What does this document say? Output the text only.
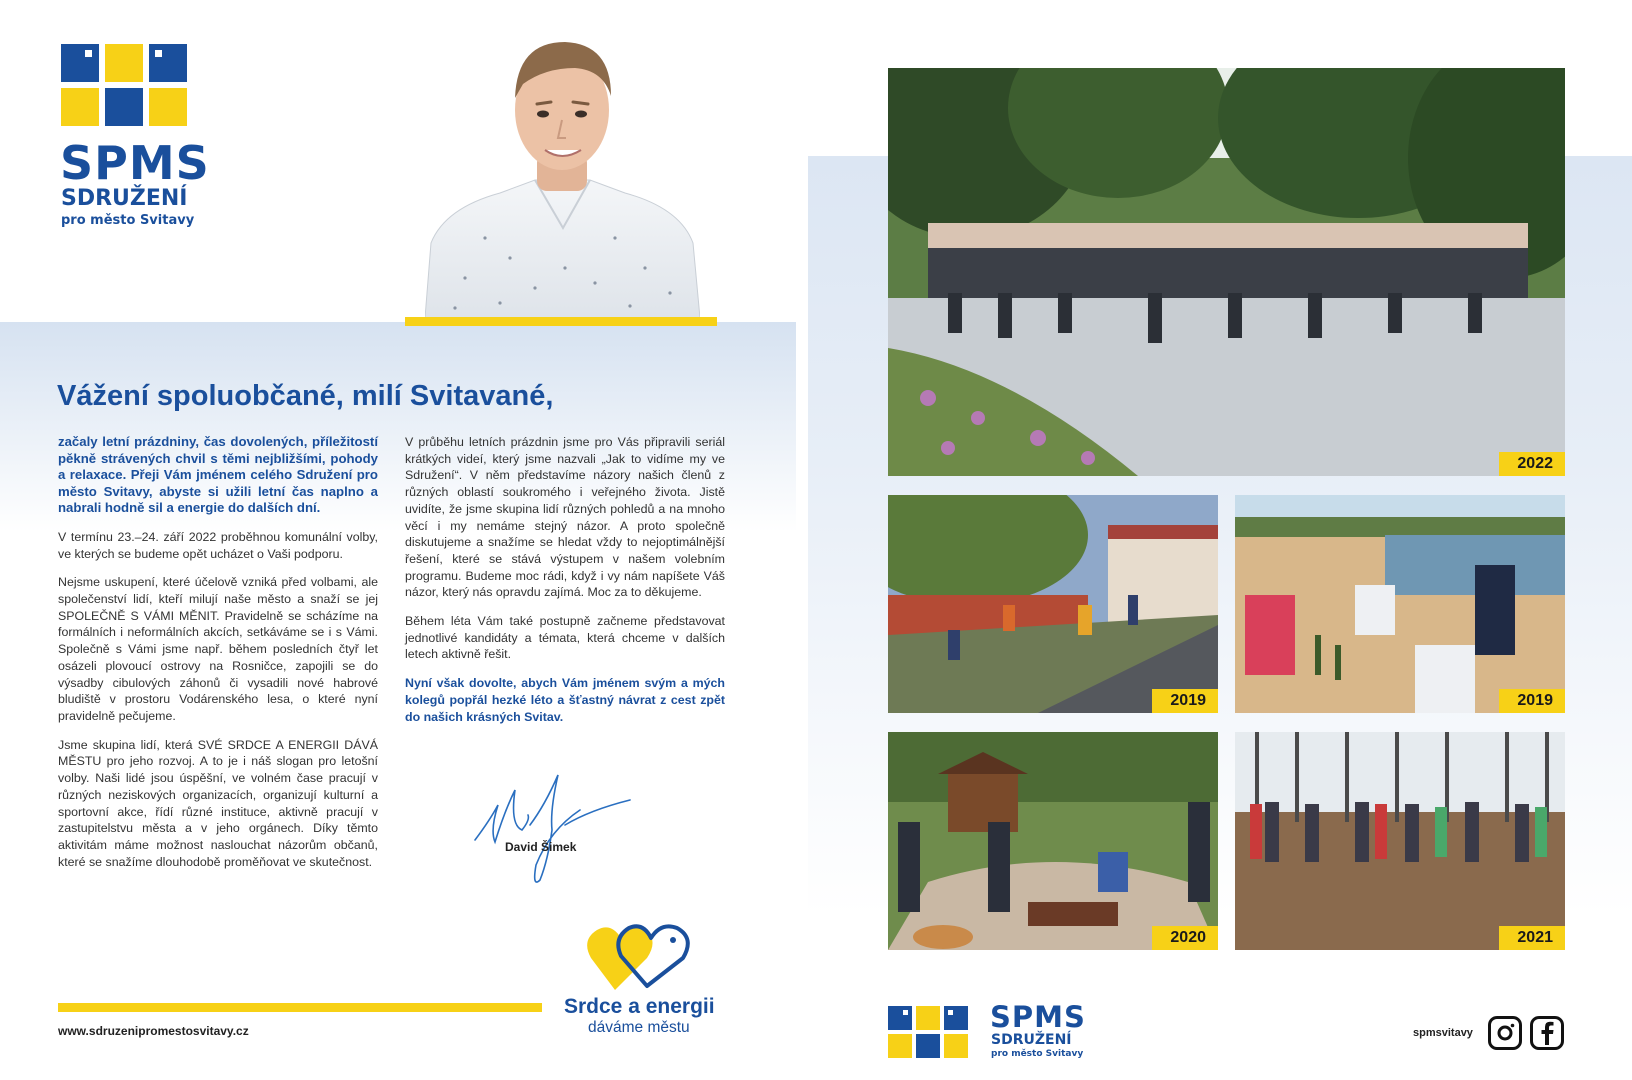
SPMS
SDRUŽENÍ
pro město Svitavy
Vážení spoluobčané, milí Svitavané,

začaly letní prázdniny, čas dovolených, příležitostí pěkně strávených chvil s těmi nejbližšími, pohody a relaxace. Přeji Vám jménem celého Sdružení pro město Svitavy, abyste si užili letní čas naplno a nabrali hodně sil a energie do dalších dní.

V termínu 23.–24. září 2022 proběhnou komunální volby, ve kterých se budeme opět ucházet o Vaši podporu.

Nejsme uskupení, které účelově vzniká před volbami, ale společenství lidí, kteří milují naše město a snaží se jej SPOLEČNĚ S VÁMI MĚNIT. Pravidelně se scházíme na formálních i neformálních akcích, setkáváme se i s Vámi. Společně s Vámi jsme např. během posledních čtyř let osázeli plovoucí ostrovy na Rosničce, zapojili se do výsadby cibulových záhonů či vysadili nové habrové bludiště v prostoru Vodárenského lesa, o které nyní pravidelně pečujeme.

Jsme skupina lidí, která SVÉ SRDCE A ENERGII DÁVÁ MĚSTU pro jeho rozvoj. A to je i náš slogan pro letošní volby. Naši lidé jsou úspěšní, ve volném čase pracují v různých neziskových organizacích, organizují kulturní a sportovní akce, řídí různé instituce, aktivně pracují v zastupitelstvu města a v jeho orgánech. Díky těmto aktivitám máme možnost naslouchat názorům občanů, které se snažíme dlouhodobě proměňovat ve skutečnost.

V průběhu letních prázdnin jsme pro Vás připravili seriál krátkých videí, který jsme nazvali „Jak to vidíme my ve Sdružení“. V něm představíme názory našich členů z různých oblastí soukromého i veřejného života. Jistě uvidíte, že jsme skupina lidí různých pohledů a na mnoho věcí i my nemáme stejný názor. A proto společně diskutujeme a snažíme se hledat vždy to nejoptimálnější řešení, které se stává výstupem v našem volebním programu. Budeme moc rádi, když i vy nám napíšete Váš názor, který nás opravdu zajímá. Moc za to děkujeme.

Během léta Vám také postupně začneme představovat jednotlivé kandidáty a témata, která chceme v dalších letech aktivně řešit.

Nyní však dovolte, abych Vám jménem svým a mých kolegů popřál hezké léto a šťastný návrat z cest zpět do našich krásných Svitav.

David Šimek
Srdce a energii
dáváme městu
www.sdruzenipromestosvitavy.cz
2022
2019	2019
2020	2021
SPMS
SDRUŽENÍ
pro město Svitavy
spmsvitavy
